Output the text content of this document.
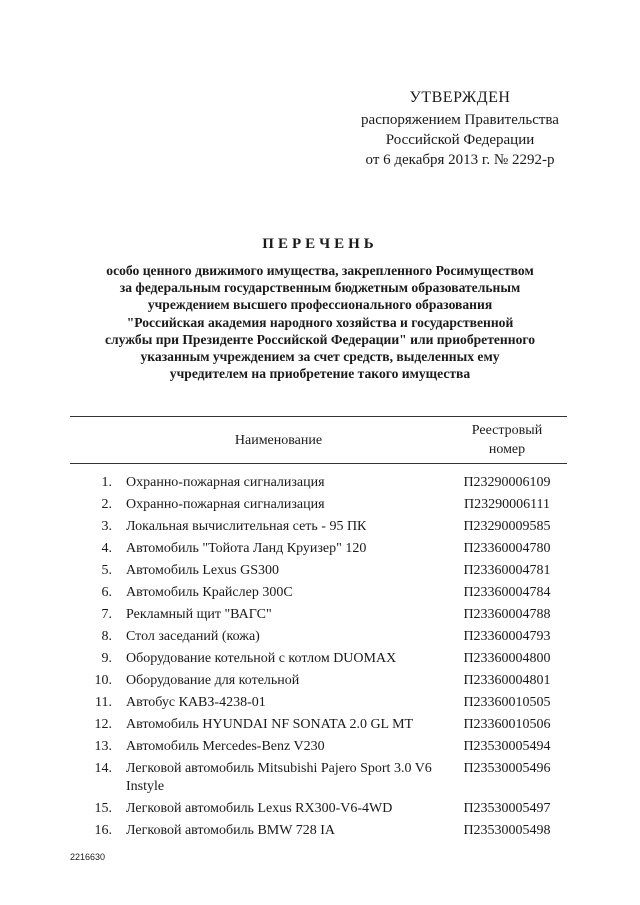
УТВЕРЖДЕН
распоряжением Правительства
Российской Федерации
от 6 декабря 2013 г. № 2292-р
ПЕРЕЧЕНЬ
особо ценного движимого имущества, закрепленного Росимуществом
за федеральным государственным бюджетным образовательным
учреждением высшего профессионального образования
"Российская академия народного хозяйства и государственной
службы при Президенте Российской Федерации" или приобретенного
указанным учреждением за счет средств, выделенных ему
учредителем на приобретение такого имущества
Наименование		Реестровый
номер

1.	Охранно-пожарная сигнализация	П23290006109
2.	Охранно-пожарная сигнализация	П23290006111
3.	Локальная вычислительная сеть - 95 ПК	П23290009585
4.	Автомобиль "Тойота Ланд Круизер" 120	П23360004780
5.	Автомобиль Lexus GS300	П23360004781
6.	Автомобиль Крайслер 300С	П23360004784
7.	Рекламный щит "ВАГС"	П23360004788
8.	Стол заседаний (кожа)	П23360004793
9.	Оборудование котельной с котлом DUOMAX	П23360004800
10.	Оборудование для котельной	П23360004801
11.	Автобус КАВЗ-4238-01	П23360010505
12.	Автомобиль HYUNDAI NF SONATA 2.0 GL MT	П23360010506
13.	Автомобиль Mercedes-Benz V230	П23530005494
14.	Легковой автомобиль Mitsubishi Pajero Sport 3.0 V6 Instyle	П23530005496
15.	Легковой автомобиль Lexus RX300-V6-4WD	П23530005497
16.	Легковой автомобиль BMW 728 IA	П23530005498
2216630
